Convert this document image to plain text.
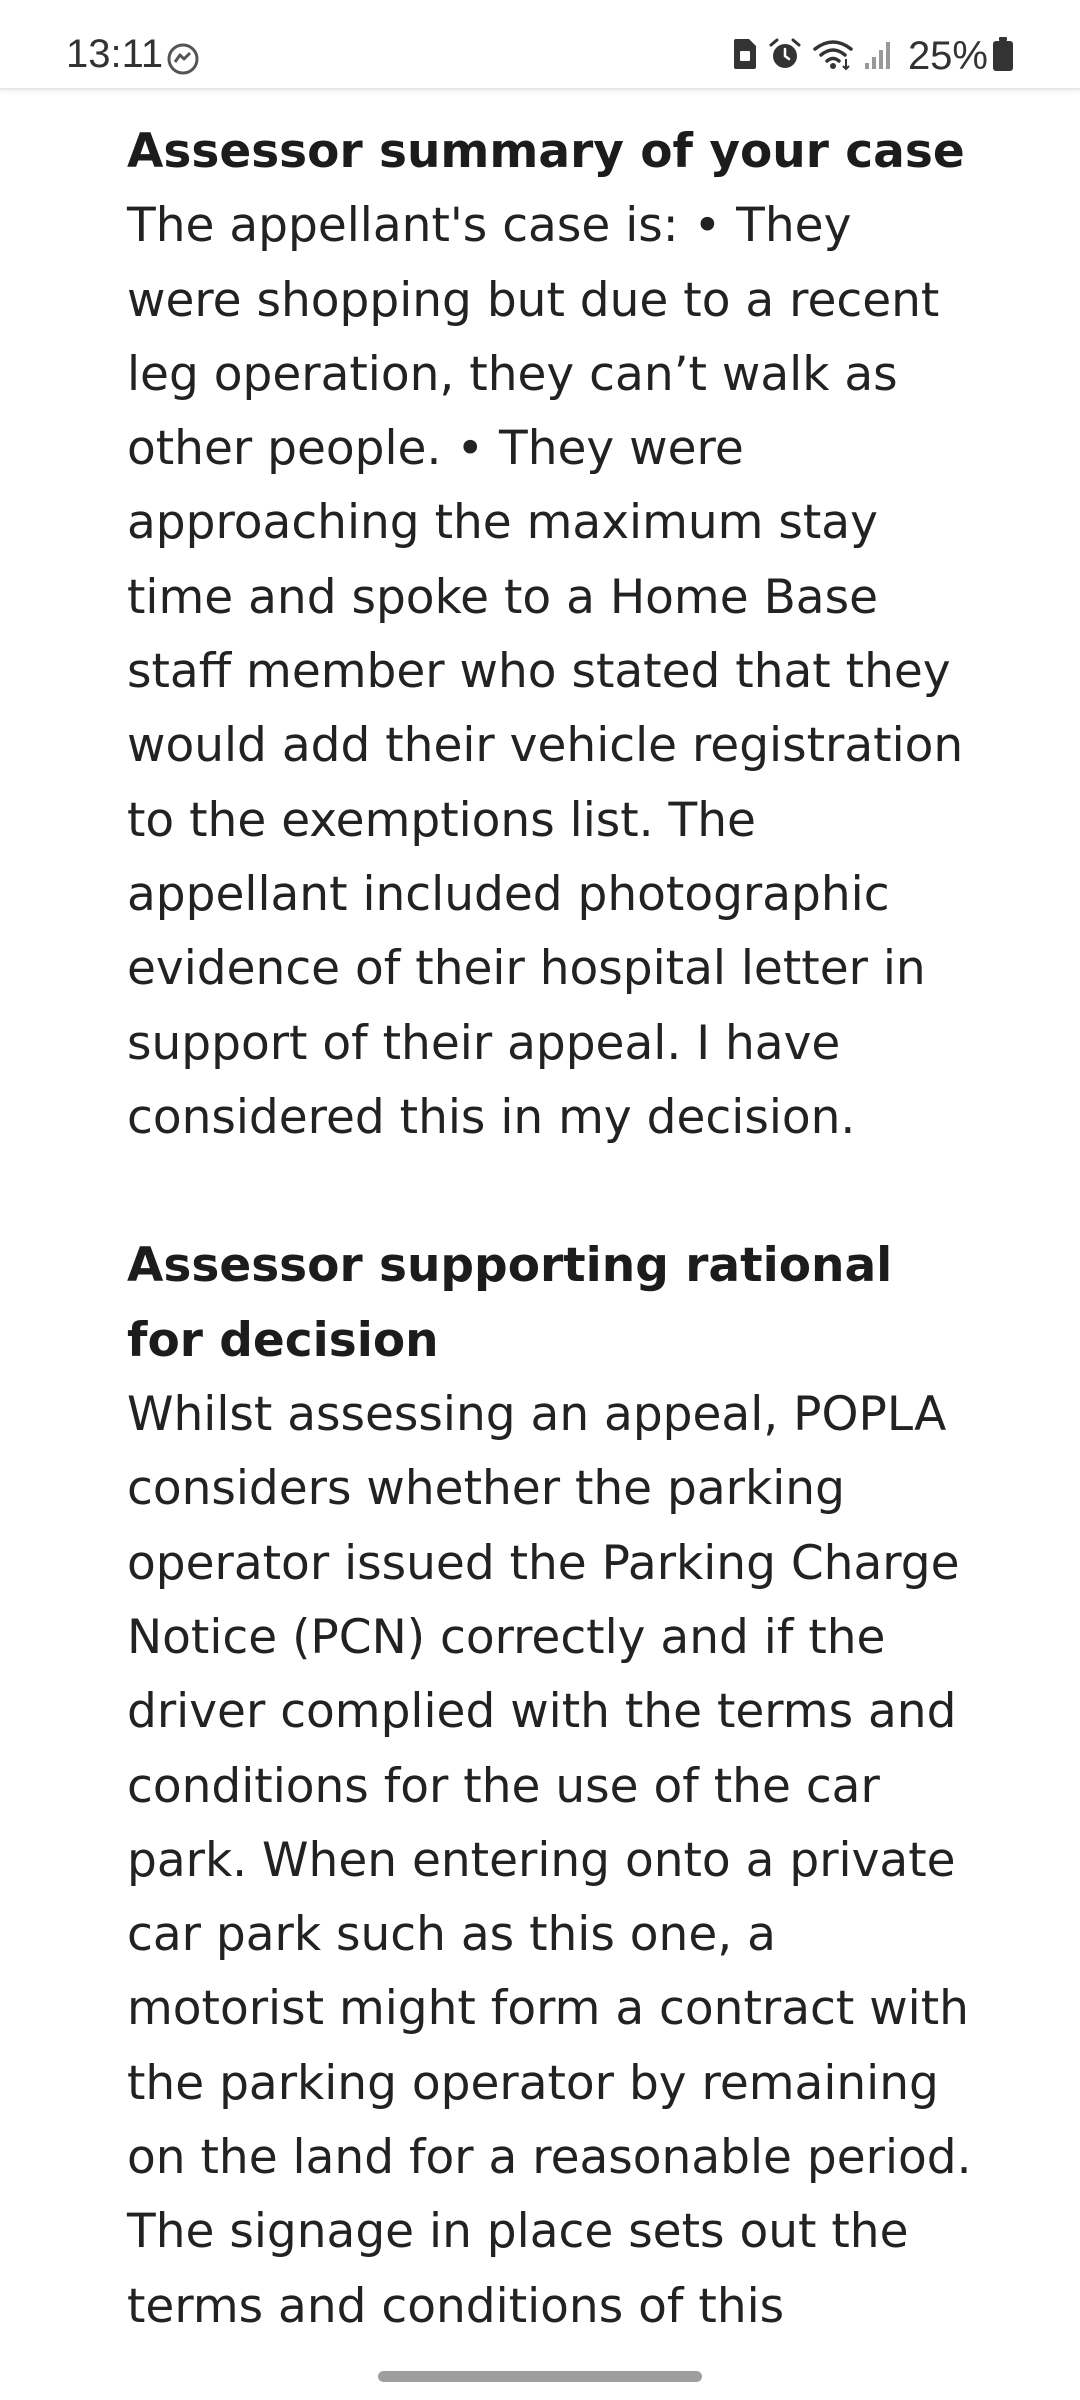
13:11	25%
Assessor summary of your case

The appellant's case is: • They were shopping but due to a recent leg operation, they can’t walk as other people. • They were approaching the maximum stay time and spoke to a Home Base staff member who stated that they would add their vehicle registration to the exemptions list. The appellant included photographic evidence of their hospital letter in support of their appeal. I have considered this in my decision.

Assessor supporting rational for decision

Whilst assessing an appeal, POPLA considers whether the parking operator issued the Parking Charge Notice (PCN) correctly and if the driver complied with the terms and conditions for the use of the car park. When entering onto a private car park such as this one, a motorist might form a contract with the parking operator by remaining on the land for a reasonable period. The signage in place sets out the terms and conditions of this
